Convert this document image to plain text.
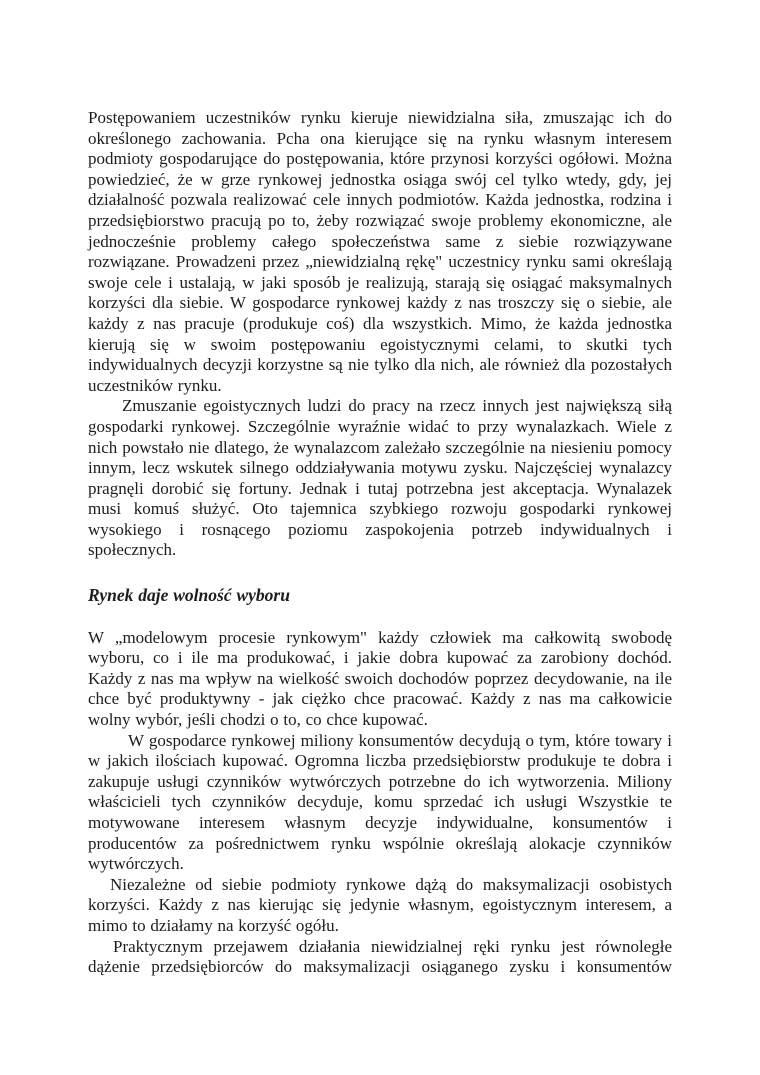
Postępowaniem uczestników rynku kieruje niewidzialna siła, zmuszając ich do określonego zachowania. Pcha ona kierujące się na rynku własnym interesem podmioty gospodarujące do postępowania, które przynosi korzyści ogółowi. Można powiedzieć, że w grze rynkowej jednostka osiąga swój cel tylko wtedy, gdy, jej działalność pozwala realizować cele innych podmiotów. Każda jednostka, rodzina i przedsiębiorstwo pracują po to, żeby rozwiązać swoje problemy ekonomiczne, ale jednocześnie problemy całego społeczeństwa same z siebie rozwiązywane rozwiązane. Prowadzeni przez „niewidzialną rękę" uczestnicy rynku sami określają swoje cele i ustalają, w jaki sposób je realizują, starają się osiągać maksymalnych korzyści dla siebie. W gospodarce rynkowej każdy z nas troszczy się o siebie, ale każdy z nas pracuje (produkuje coś) dla wszystkich. Mimo, że każda jednostka kierują się w swoim postępowaniu egoistycznymi celami, to skutki tych indywidualnych decyzji korzystne są nie tylko dla nich, ale również dla pozostałych uczestników rynku.

Zmuszanie egoistycznych ludzi do pracy na rzecz innych jest największą siłą gospodarki rynkowej. Szczególnie wyraźnie widać to przy wynalazkach. Wiele z nich powstało nie dlatego, że wynalazcom zależało szczególnie na niesieniu pomocy innym, lecz wskutek silnego oddziaływania motywu zysku. Najczęściej wynalazcy pragnęli dorobić się fortuny. Jednak i tutaj potrzebna jest akceptacja. Wynalazek musi komuś służyć. Oto tajemnica szybkiego rozwoju gospodarki rynkowej wysokiego i rosnącego poziomu zaspokojenia potrzeb indywidualnych i społecznych.

Rynek daje wolność wyboru

W „modelowym procesie rynkowym" każdy człowiek ma całkowitą swobodę wyboru, co i ile ma produkować, i jakie dobra kupować za zarobiony dochód. Każdy z nas ma wpływ na wielkość swoich dochodów poprzez decydowanie, na ile chce być produktywny - jak ciężko chce pracować. Każdy z nas ma całkowicie wolny wybór, jeśli chodzi o to, co chce kupować.

W gospodarce rynkowej miliony konsumentów decydują o tym, które towary i w jakich ilościach kupować. Ogromna liczba przedsiębiorstw produkuje te dobra i zakupuje usługi czynników wytwórczych potrzebne do ich wytworzenia. Miliony właścicieli tych czynników decyduje, komu sprzedać ich usługi Wszystkie te motywowane interesem własnym decyzje indywidualne, konsumentów i producentów za pośrednictwem rynku wspólnie określają alokacje czynników wytwórczych.

Niezależne od siebie podmioty rynkowe dążą do maksymalizacji osobistych korzyści. Każdy z nas kierując się jedynie własnym, egoistycznym interesem, a mimo to działamy na korzyść ogółu.

Praktycznym przejawem działania niewidzialnej ręki rynku jest równoległe dążenie przedsiębiorców do maksymalizacji osiąganego zysku i konsumentów
